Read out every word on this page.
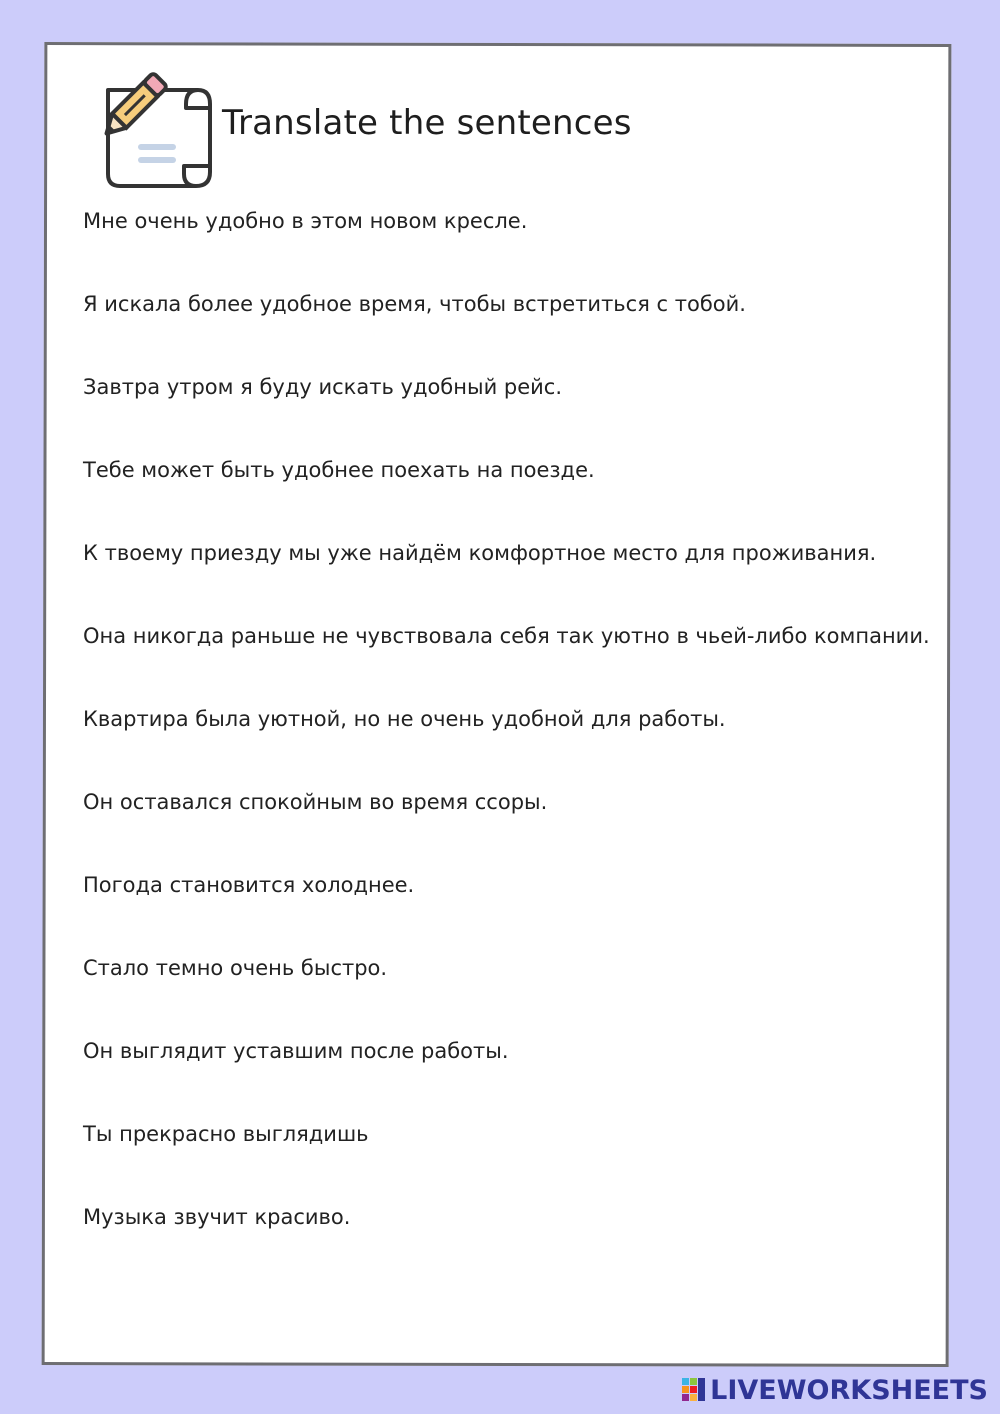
Translate the sentences
Мне очень удобно в этом новом кресле.
Я искала более удобное время, чтобы встретиться с тобой.
Завтра утром я буду искать удобный рейс.
Тебе может быть удобнее поехать на поезде.
К твоему приезду мы уже найдём комфортное место для проживания.
Она никогда раньше не чувствовала себя так уютно в чьей-либо компании.
Квартира была уютной, но не очень удобной для работы.
Он оставался спокойным во время ссоры.
Погода становится холоднее.
Стало темно очень быстро.
Он выглядит уставшим после работы.
Ты прекрасно выглядишь
Музыка звучит красиво.
LIVEWORKSHEETS
